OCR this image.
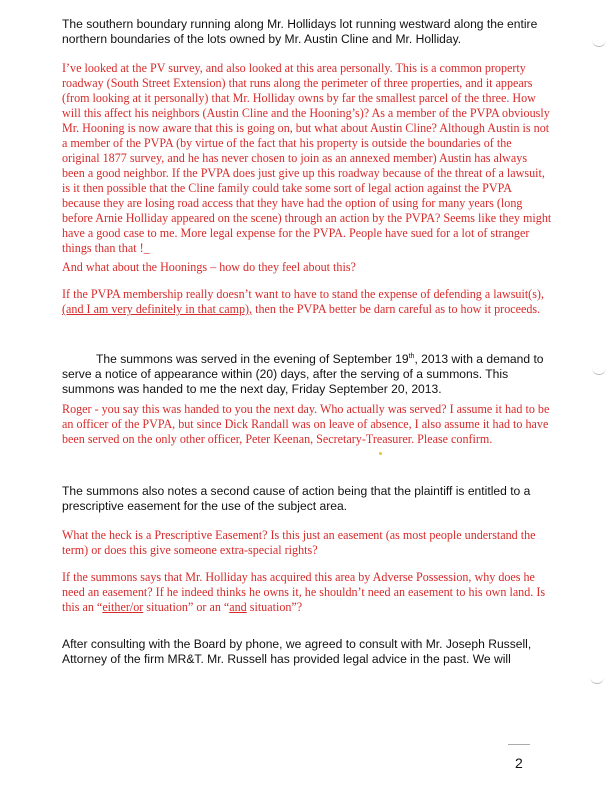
The southern boundary running along Mr. Hollidays lot running westward along the entire northern boundaries of the lots owned by Mr. Austin Cline and Mr. Holliday.

I’ve looked at the PV survey, and also looked at this area personally. This is a common property roadway (South Street Extension) that runs along the perimeter of three properties, and it appears (from looking at it personally) that Mr. Holliday owns by far the smallest parcel of the three. How will this affect his neighbors (Austin Cline and the Hooning’s)? As a member of the PVPA obviously Mr. Hooning is now aware that this is going on, but what about Austin Cline? Although Austin is not a member of the PVPA (by virtue of the fact that his property is outside the boundaries of the original 1877 survey, and he has never chosen to join as an annexed member) Austin has always been a good neighbor. If the PVPA does just give up this roadway because of the threat of a lawsuit, is it then possible that the Cline family could take some sort of legal action against the PVPA because they are losing road access that they have had the option of using for many years (long before Arnie Holliday appeared on the scene) through an action by the PVPA? Seems like they might have a good case to me. More legal expense for the PVPA. People have sued for a lot of stranger things than that !_

And what about the Hoonings – how do they feel about this?

If the PVPA membership really doesn’t want to have to stand the expense of defending a lawsuit(s), (and I am very definitely in that camp), then the PVPA better be darn careful as to how it proceeds.

The summons was served in the evening of September 19th, 2013 with a demand to serve a notice of appearance within (20) days, after the serving of a summons. This summons was handed to me the next day, Friday September 20, 2013.

Roger - you say this was handed to you the next day. Who actually was served? I assume it had to be an officer of the PVPA, but since Dick Randall was on leave of absence, I also assume it had to have been served on the only other officer, Peter Keenan, Secretary-Treasurer. Please confirm.

The summons also notes a second cause of action being that the plaintiff is entitled to a prescriptive easement for the use of the subject area.

What the heck is a Prescriptive Easement? Is this just an easement (as most people understand the term) or does this give someone extra-special rights?

If the summons says that Mr. Holliday has acquired this area by Adverse Possession, why does he need an easement? If he indeed thinks he owns it, he shouldn’t need an easement to his own land. Is this an “either/or situation” or an “and situation”?

After consulting with the Board by phone, we agreed to consult with Mr. Joseph Russell, Attorney of the firm MR&T. Mr. Russell has provided legal advice in the past. We will

2
